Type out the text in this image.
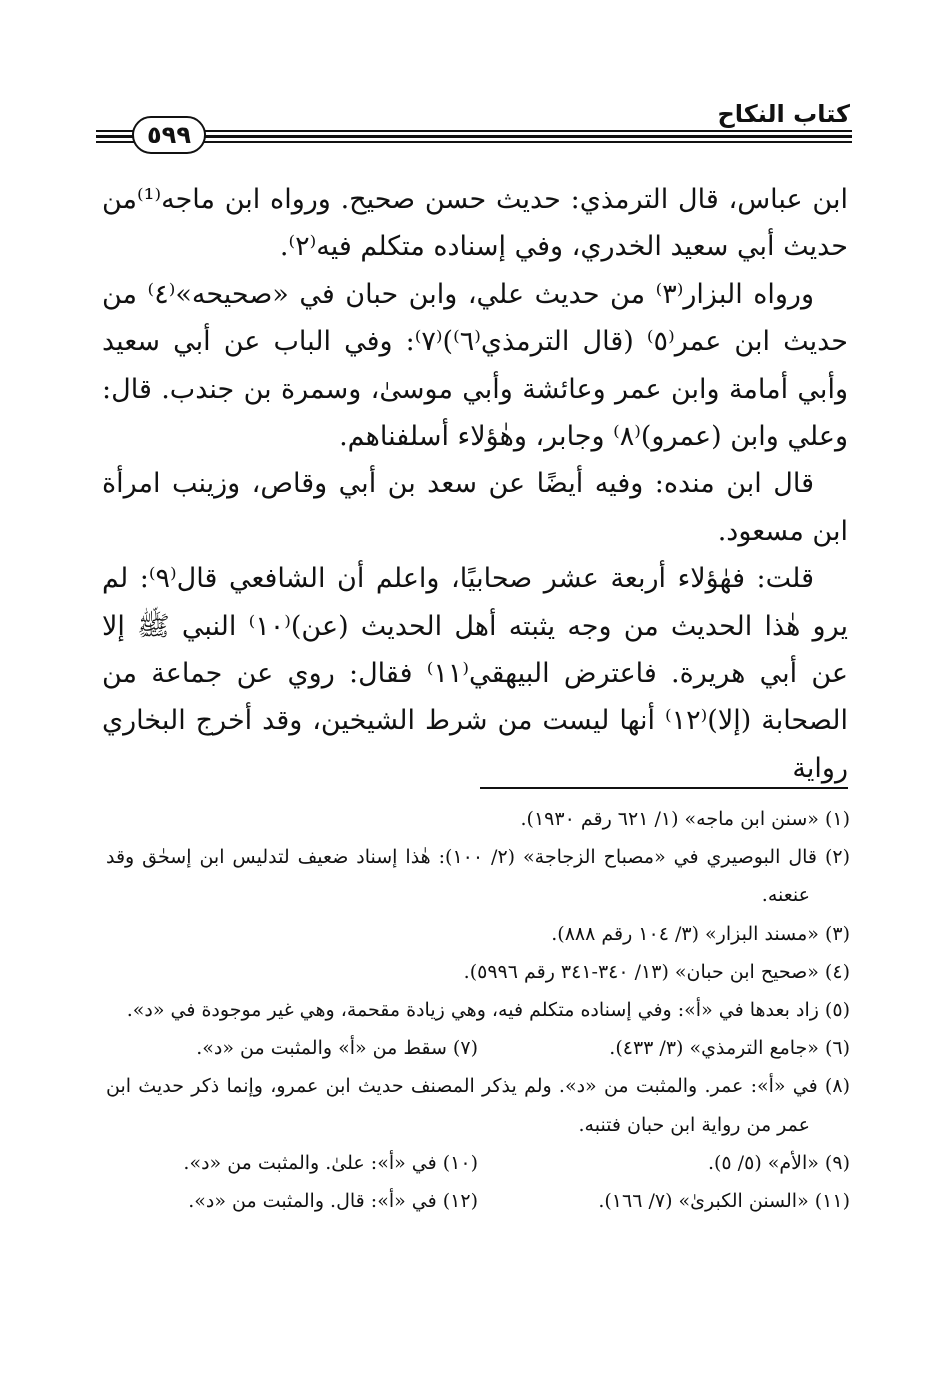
كتاب النكاح
٥٩٩

ابن عباس، قال الترمذي: حديث حسن صحيح. ورواه ابن ماجه⁽¹⁾من حديث أبي سعيد الخدري، وفي إسناده متكلم فيه⁽٢⁾.

ورواه البزار⁽٣⁾ من حديث علي، وابن حبان في «صحيحه»⁽٤⁾ من حديث ابن عمر⁽٥⁾ (قال الترمذي⁽٦⁾)⁽٧⁾: وفي الباب عن أبي سعيد وأبي أمامة وابن عمر وعائشة وأبي موسىٰ، وسمرة بن جندب. قال: وعلي وابن (عمرو)⁽٨⁾ وجابر، وهٰؤلاء أسلفناهم.

قال ابن منده: وفيه أيضًا عن سعد بن أبي وقاص، وزينب امرأة ابن مسعود.

قلت: فهٰؤلاء أربعة عشر صحابيًا، واعلم أن الشافعي قال⁽٩⁾: لم يرو هٰذا الحديث من وجه يثبته أهل الحديث (عن)⁽١٠⁾ النبي ﷺ إلا عن أبي هريرة. فاعترض البيهقي⁽١١⁾ فقال: روي عن جماعة من الصحابة (إلا)⁽١٢⁾ أنها ليست من شرط الشيخين، وقد أخرج البخاري رواية

(١) «سنن ابن ماجه» (١/ ٦٢١ رقم ١٩٣٠).

(٢) قال البوصيري في «مصباح الزجاجة» (٢/ ١٠٠): هٰذا إسناد ضعيف لتدليس ابن إسحٰق وقد عنعنه.

(٣) «مسند البزار» (٣/ ١٠٤ رقم ٨٨٨).

(٤) «صحيح ابن حبان» (١٣/ ٣٤٠-٣٤١ رقم ٥٩٩٦).

(٥) زاد بعدها في «أ»: وفي إسناده متكلم فيه، وهي زيادة مقحمة، وهي غير موجودة في «د».

(٦) «جامع الترمذي» (٣/ ٤٣٣).
(٧) سقط من «أ» والمثبت من «د».

(٨) في «أ»: عمر. والمثبت من «د». ولم يذكر المصنف حديث ابن عمرو، وإنما ذكر حديث ابن عمر من رواية ابن حبان فتنبه.

(٩) «الأم» (٥/ ٥).
(١٠) في «أ»: علىٰ. والمثبت من «د».
(١١) «السنن الكبرىٰ» (٧/ ١٦٦).
(١٢) في «أ»: قال. والمثبت من «د».
